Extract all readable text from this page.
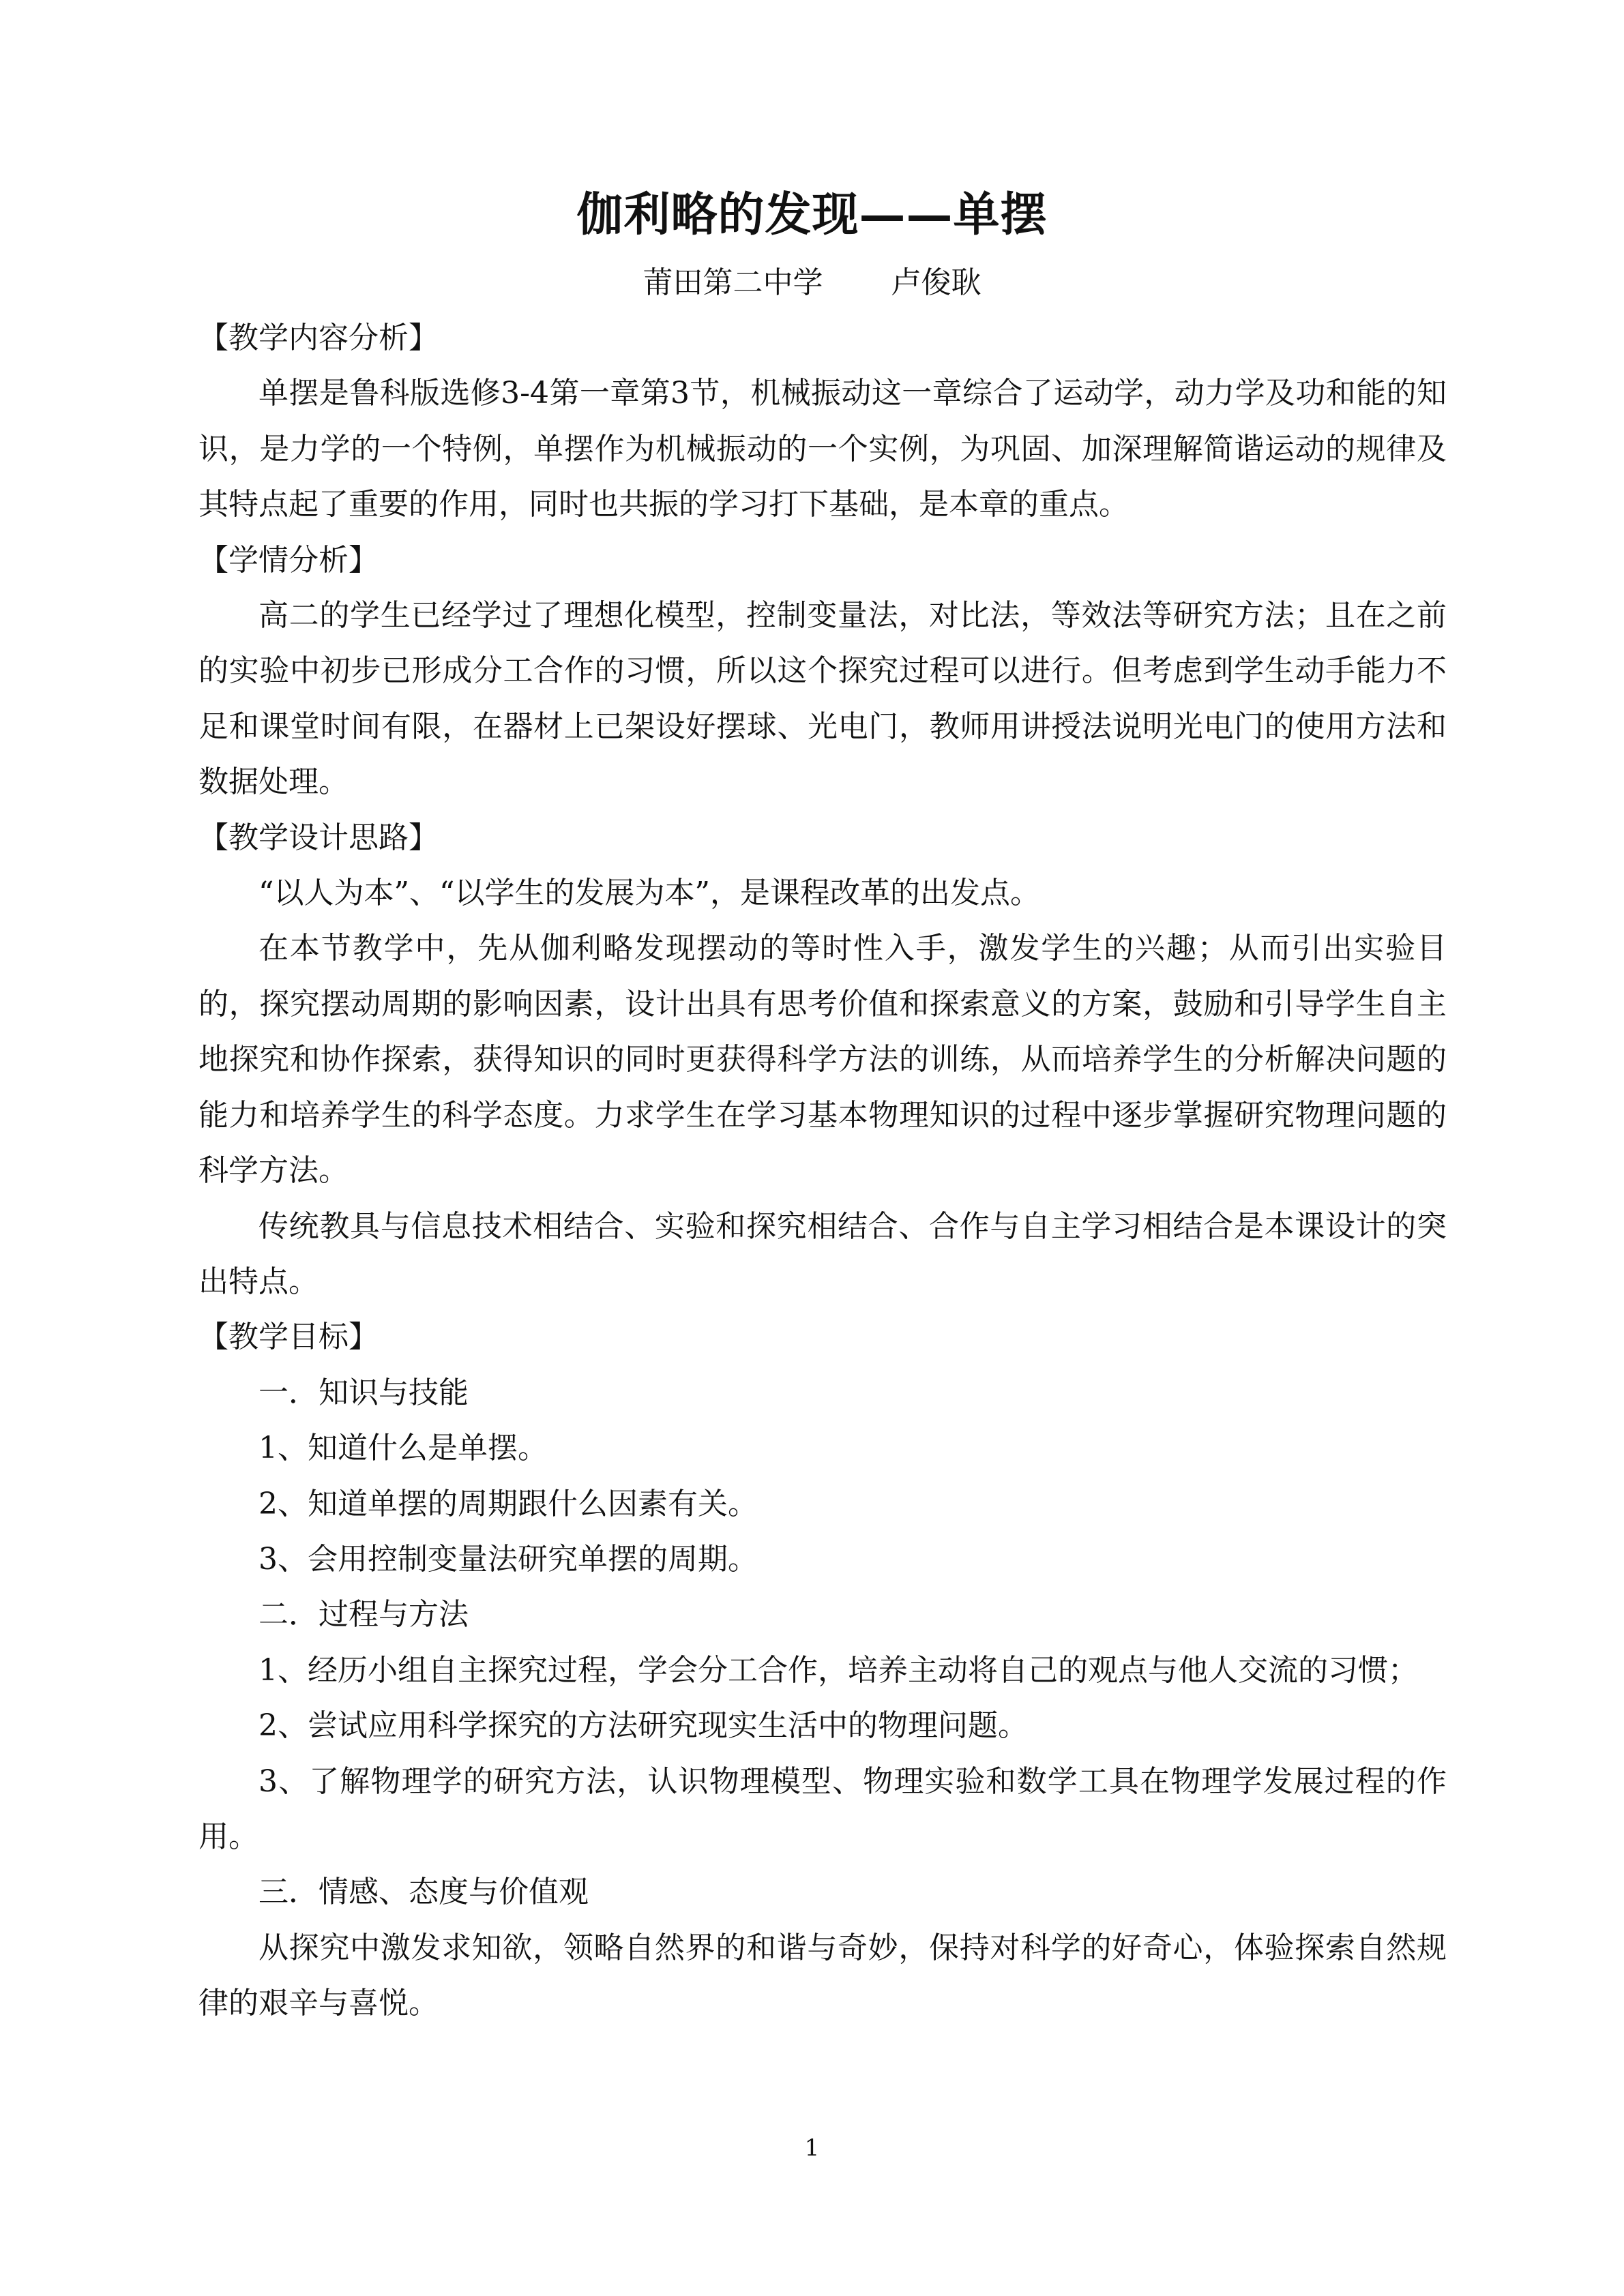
伽利略的发现——单摆
莆田第二中学 卢俊耿

【教学内容分析】

单摆是鲁科版选修3-4第一章第3节，机械振动这一章综合了运动学，动力学及功和能的知识，是力学的一个特例，单摆作为机械振动的一个实例，为巩固、加深理解简谐运动的规律及其特点起了重要的作用，同时也共振的学习打下基础，是本章的重点。

【学情分析】

高二的学生已经学过了理想化模型，控制变量法，对比法，等效法等研究方法；且在之前的实验中初步已形成分工合作的习惯，所以这个探究过程可以进行。但考虑到学生动手能力不足和课堂时间有限，在器材上已架设好摆球、光电门，教师用讲授法说明光电门的使用方法和数据处理。

【教学设计思路】

“以人为本”、“以学生的发展为本”，是课程改革的出发点。

在本节教学中，先从伽利略发现摆动的等时性入手，激发学生的兴趣；从而引出实验目的，探究摆动周期的影响因素，设计出具有思考价值和探索意义的方案，鼓励和引导学生自主地探究和协作探索，获得知识的同时更获得科学方法的训练，从而培养学生的分析解决问题的能力和培养学生的科学态度。力求学生在学习基本物理知识的过程中逐步掌握研究物理问题的科学方法。

传统教具与信息技术相结合、实验和探究相结合、合作与自主学习相结合是本课设计的突出特点。

【教学目标】

一．知识与技能

1、知道什么是单摆。

2、知道单摆的周期跟什么因素有关。

3、会用控制变量法研究单摆的周期。

二．过程与方法

1、经历小组自主探究过程，学会分工合作，培养主动将自己的观点与他人交流的习惯；

2、尝试应用科学探究的方法研究现实生活中的物理问题。

3、了解物理学的研究方法，认识物理模型、物理实验和数学工具在物理学发展过程的作用。

三．情感、态度与价值观

从探究中激发求知欲，领略自然界的和谐与奇妙，保持对科学的好奇心，体验探索自然规律的艰辛与喜悦。

1
